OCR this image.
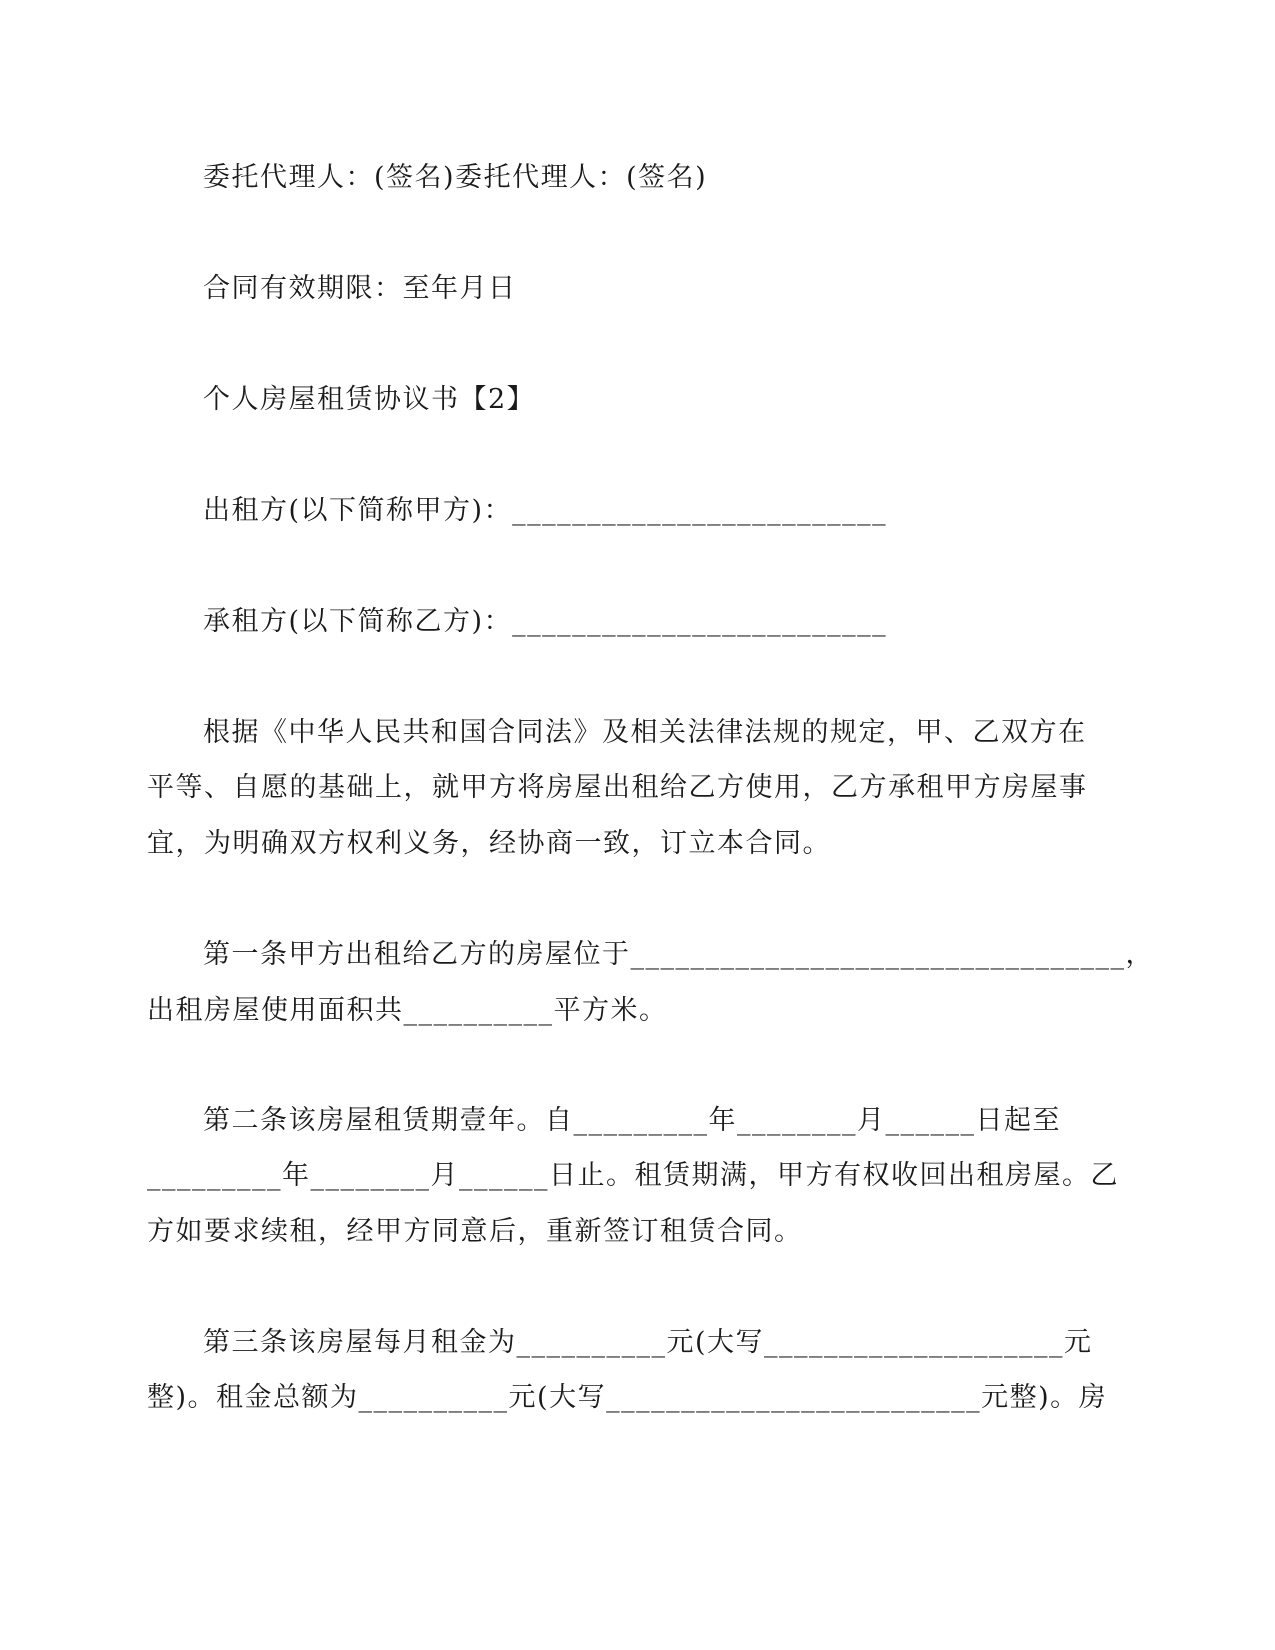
委托代理人：(签名)委托代理人：(签名)
合同有效期限：至年月日
个人房屋租赁协议书【2】
出租方(以下简称甲方)：_________________________
承租方(以下简称乙方)：_________________________
根据《中华人民共和国合同法》及相关法律法规的规定，甲、乙双方在
平等、自愿的基础上，就甲方将房屋出租给乙方使用，乙方承租甲方房屋事
宜，为明确双方权利义务，经协商一致，订立本合同。
第一条甲方出租给乙方的房屋位于_________________________________，
出租房屋使用面积共__________平方米。
第二条该房屋租赁期壹年。自_________年________月______日起至
_________年________月______日止。租赁期满，甲方有权收回出租房屋。乙
方如要求续租，经甲方同意后，重新签订租赁合同。
第三条该房屋每月租金为__________元(大写____________________元
整)。租金总额为__________元(大写_________________________元整)。房
